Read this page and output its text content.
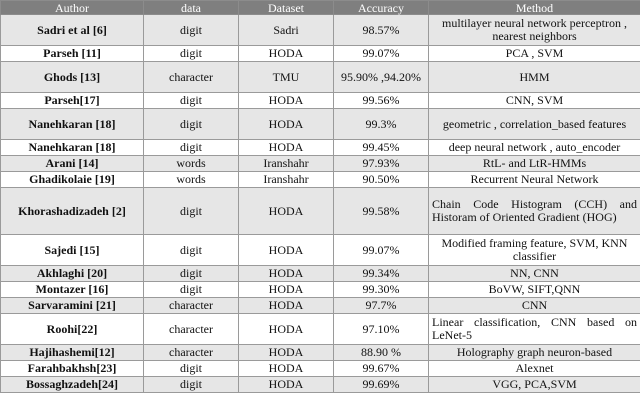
Author	data	Dataset	Accuracy	Method
Sadri et al [6]	digit	Sadri	98.57%	multilayer neural network perceptron , nearest neighbors
Parseh [11]	digit	HODA	99.07%	PCA , SVM
Ghods [13]	character	TMU	95.90% ,94.20%	HMM
Parseh[17]	digit	HODA	99.56%	CNN, SVM
Nanehkaran [18]	digit	HODA	99.3%	geometric , correlation_based features
Nanehkaran [18]	digit	HODA	99.45%	deep neural network , auto_encoder
Arani [14]	words	Iranshahr	97.93%	RtL- and LtR-HMMs
Ghadikolaie [19]	words	Iranshahr	90.50%	Recurrent Neural Network
Khorashadizadeh [2]	digit	HODA	99.58%	Chain Code Histogram (CCH) and Historam of Oriented Gradient (HOG)
Sajedi [15]	digit	HODA	99.07%	Modified framing feature, SVM, KNN classifier
Akhlaghi [20]	digit	HODA	99.34%	NN, CNN
Montazer [16]	digit	HODA	99.30%	BoVW, SIFT,QNN
Sarvaramini [21]	character	HODA	97.7%	CNN
Roohi[22]	character	HODA	97.10%	Linear classification, CNN based on LeNet-5
Hajihashemi[12]	character	HODA	88.90 %	Holography graph neuron-based
Farahbakhsh[23]	digit	HODA	99.67%	Alexnet
Bossaghzadeh[24]	digit	HODA	99.69%	VGG, PCA,SVM
